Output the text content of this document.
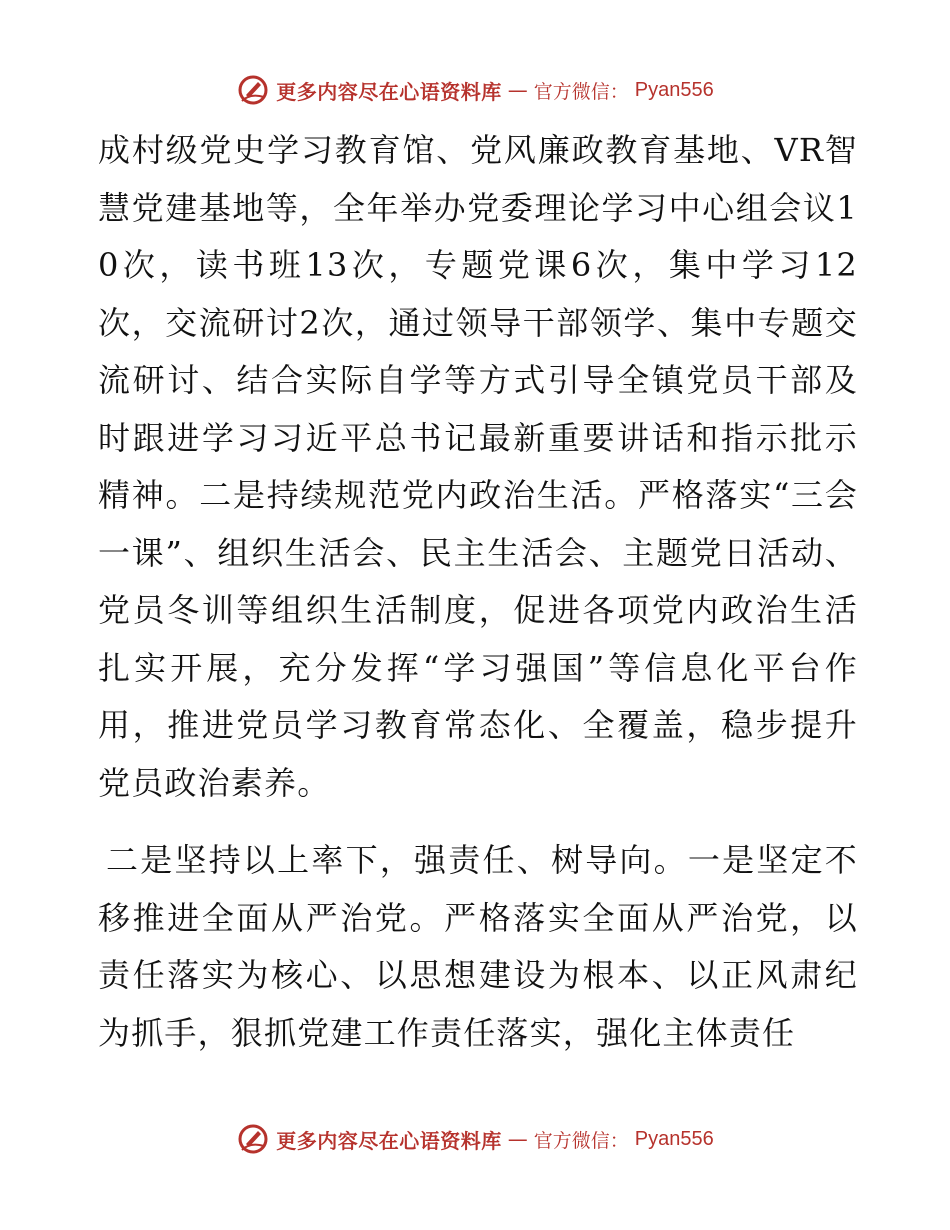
更多内容尽在心语资料库 — 官方微信： Pyan556

成村级党史学习教育馆、党风廉政教育基地、VR智慧党建基地等，全年举办党委理论学习中心组会议10次，读书班13次，专题党课6次，集中学习12次，交流研讨2次，通过领导干部领学、集中专题交流研讨、结合实际自学等方式引导全镇党员干部及时跟进学习习近平总书记最新重要讲话和指示批示精神。二是持续规范党内政治生活。严格落实“三会一课”、组织生活会、民主生活会、主题党日活动、党员冬训等组织生活制度，促进各项党内政治生活扎实开展，充分发挥“学习强国”等信息化平台作用，推进党员学习教育常态化、全覆盖，稳步提升党员政治素养。

二是坚持以上率下，强责任、树导向。一是坚定不移推进全面从严治党。严格落实全面从严治党，以责任落实为核心、以思想建设为根本、以正风肃纪为抓手，狠抓党建工作责任落实，强化主体责任

更多内容尽在心语资料库 — 官方微信： Pyan556
